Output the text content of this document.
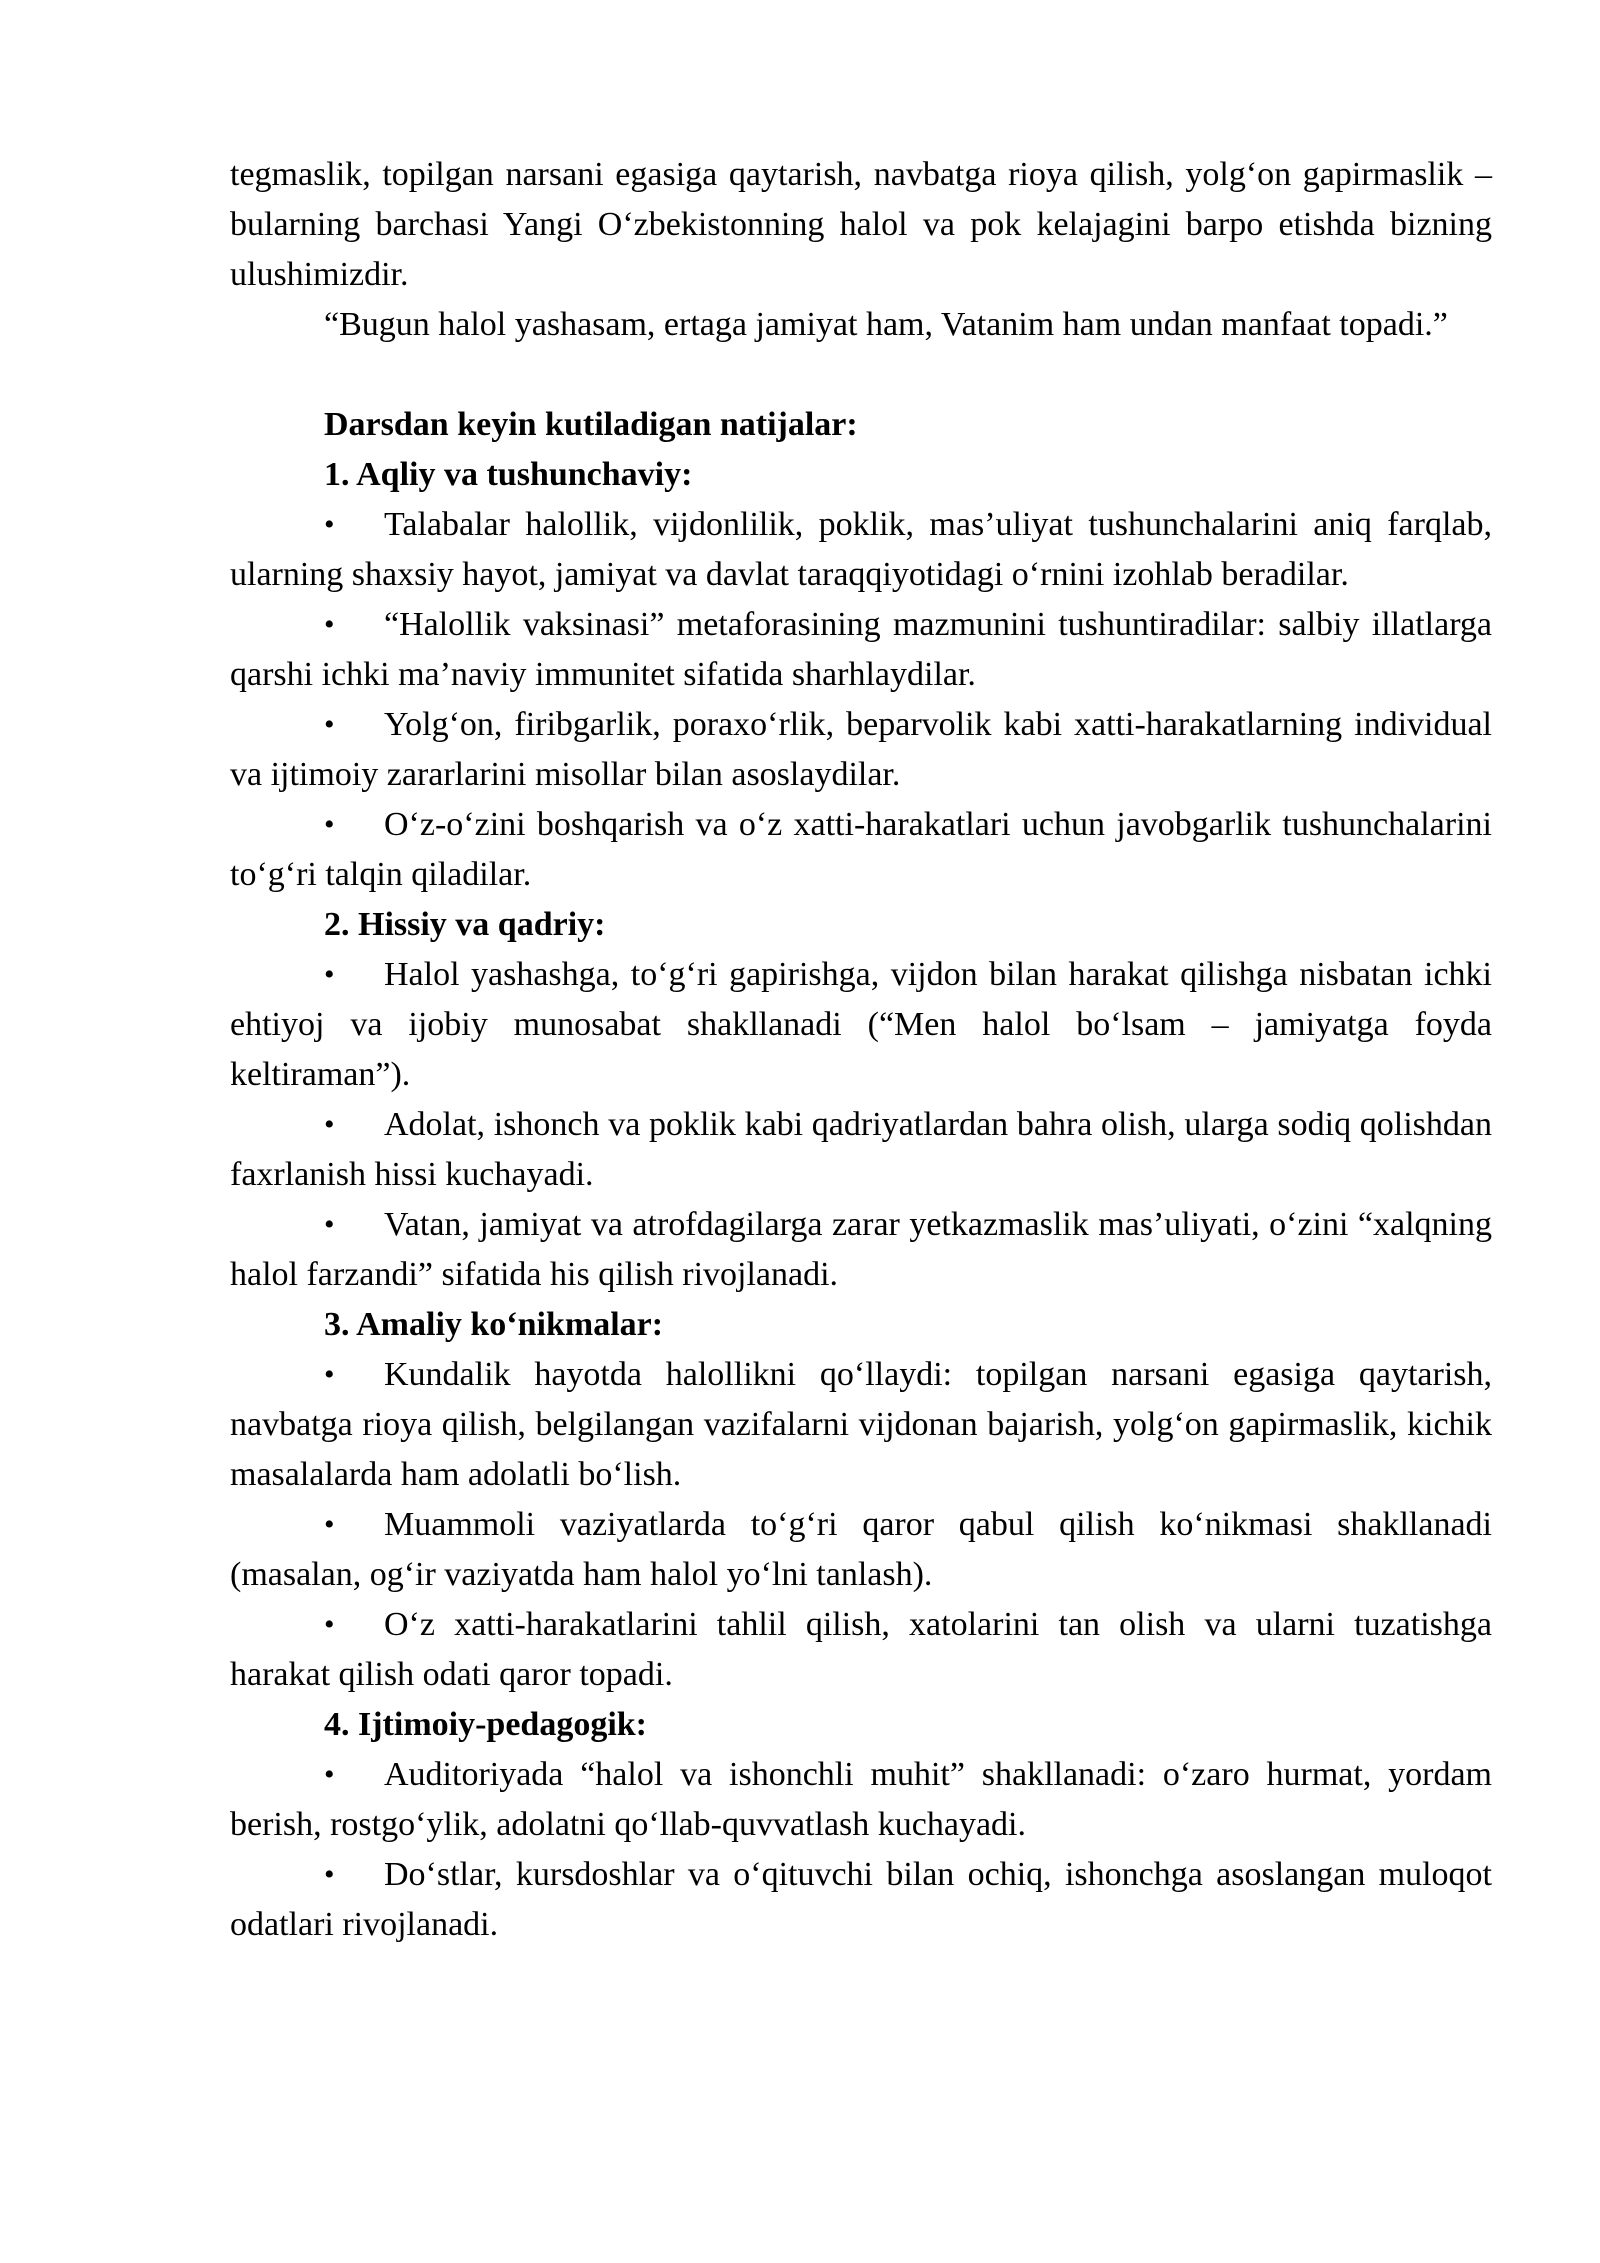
tegmaslik, topilgan narsani egasiga qaytarish, navbatga rioya qilish, yolg‘on gapirmaslik – bularning barchasi Yangi O‘zbekistonning halol va pok kelajagini barpo etishda bizning ulushimizdir.

“Bugun halol yashasam, ertaga jamiyat ham, Vatanim ham undan manfaat topadi.”

Darsdan keyin kutiladigan natijalar:

1. Aqliy va tushunchaviy:

• Talabalar halollik, vijdonlilik, poklik, mas’uliyat tushunchalarini aniq farqlab, ularning shaxsiy hayot, jamiyat va davlat taraqqiyotidagi o‘rnini izohlab beradilar.

• “Halollik vaksinasi” metaforasining mazmunini tushuntiradilar: salbiy illatlarga qarshi ichki ma’naviy immunitet sifatida sharhlaydilar.

• Yolg‘on, firibgarlik, poraxo‘rlik, beparvolik kabi xatti-harakatlarning individual va ijtimoiy zararlarini misollar bilan asoslaydilar.

• O‘z-o‘zini boshqarish va o‘z xatti-harakatlari uchun javobgarlik tushunchalarini to‘g‘ri talqin qiladilar.

2. Hissiy va qadriy:

• Halol yashashga, to‘g‘ri gapirishga, vijdon bilan harakat qilishga nisbatan ichki ehtiyoj va ijobiy munosabat shakllanadi (“Men halol bo‘lsam – jamiyatga foyda keltiraman”).

• Adolat, ishonch va poklik kabi qadriyatlardan bahra olish, ularga sodiq qolishdan faxrlanish hissi kuchayadi.

• Vatan, jamiyat va atrofdagilarga zarar yetkazmaslik mas’uliyati, o‘zini “xalqning halol farzandi” sifatida his qilish rivojlanadi.

3. Amaliy ko‘nikmalar:

• Kundalik hayotda halollikni qo‘llaydi: topilgan narsani egasiga qaytarish, navbatga rioya qilish, belgilangan vazifalarni vijdonan bajarish, yolg‘on gapirmaslik, kichik masalalarda ham adolatli bo‘lish.

• Muammoli vaziyatlarda to‘g‘ri qaror qabul qilish ko‘nikmasi shakllanadi (masalan, og‘ir vaziyatda ham halol yo‘lni tanlash).

• O‘z xatti-harakatlarini tahlil qilish, xatolarini tan olish va ularni tuzatishga harakat qilish odati qaror topadi.

4. Ijtimoiy-pedagogik:

• Auditoriyada “halol va ishonchli muhit” shakllanadi: o‘zaro hurmat, yordam berish, rostgo‘ylik, adolatni qo‘llab-quvvatlash kuchayadi.

• Do‘stlar, kursdoshlar va o‘qituvchi bilan ochiq, ishonchga asoslangan muloqot odatlari rivojlanadi.
